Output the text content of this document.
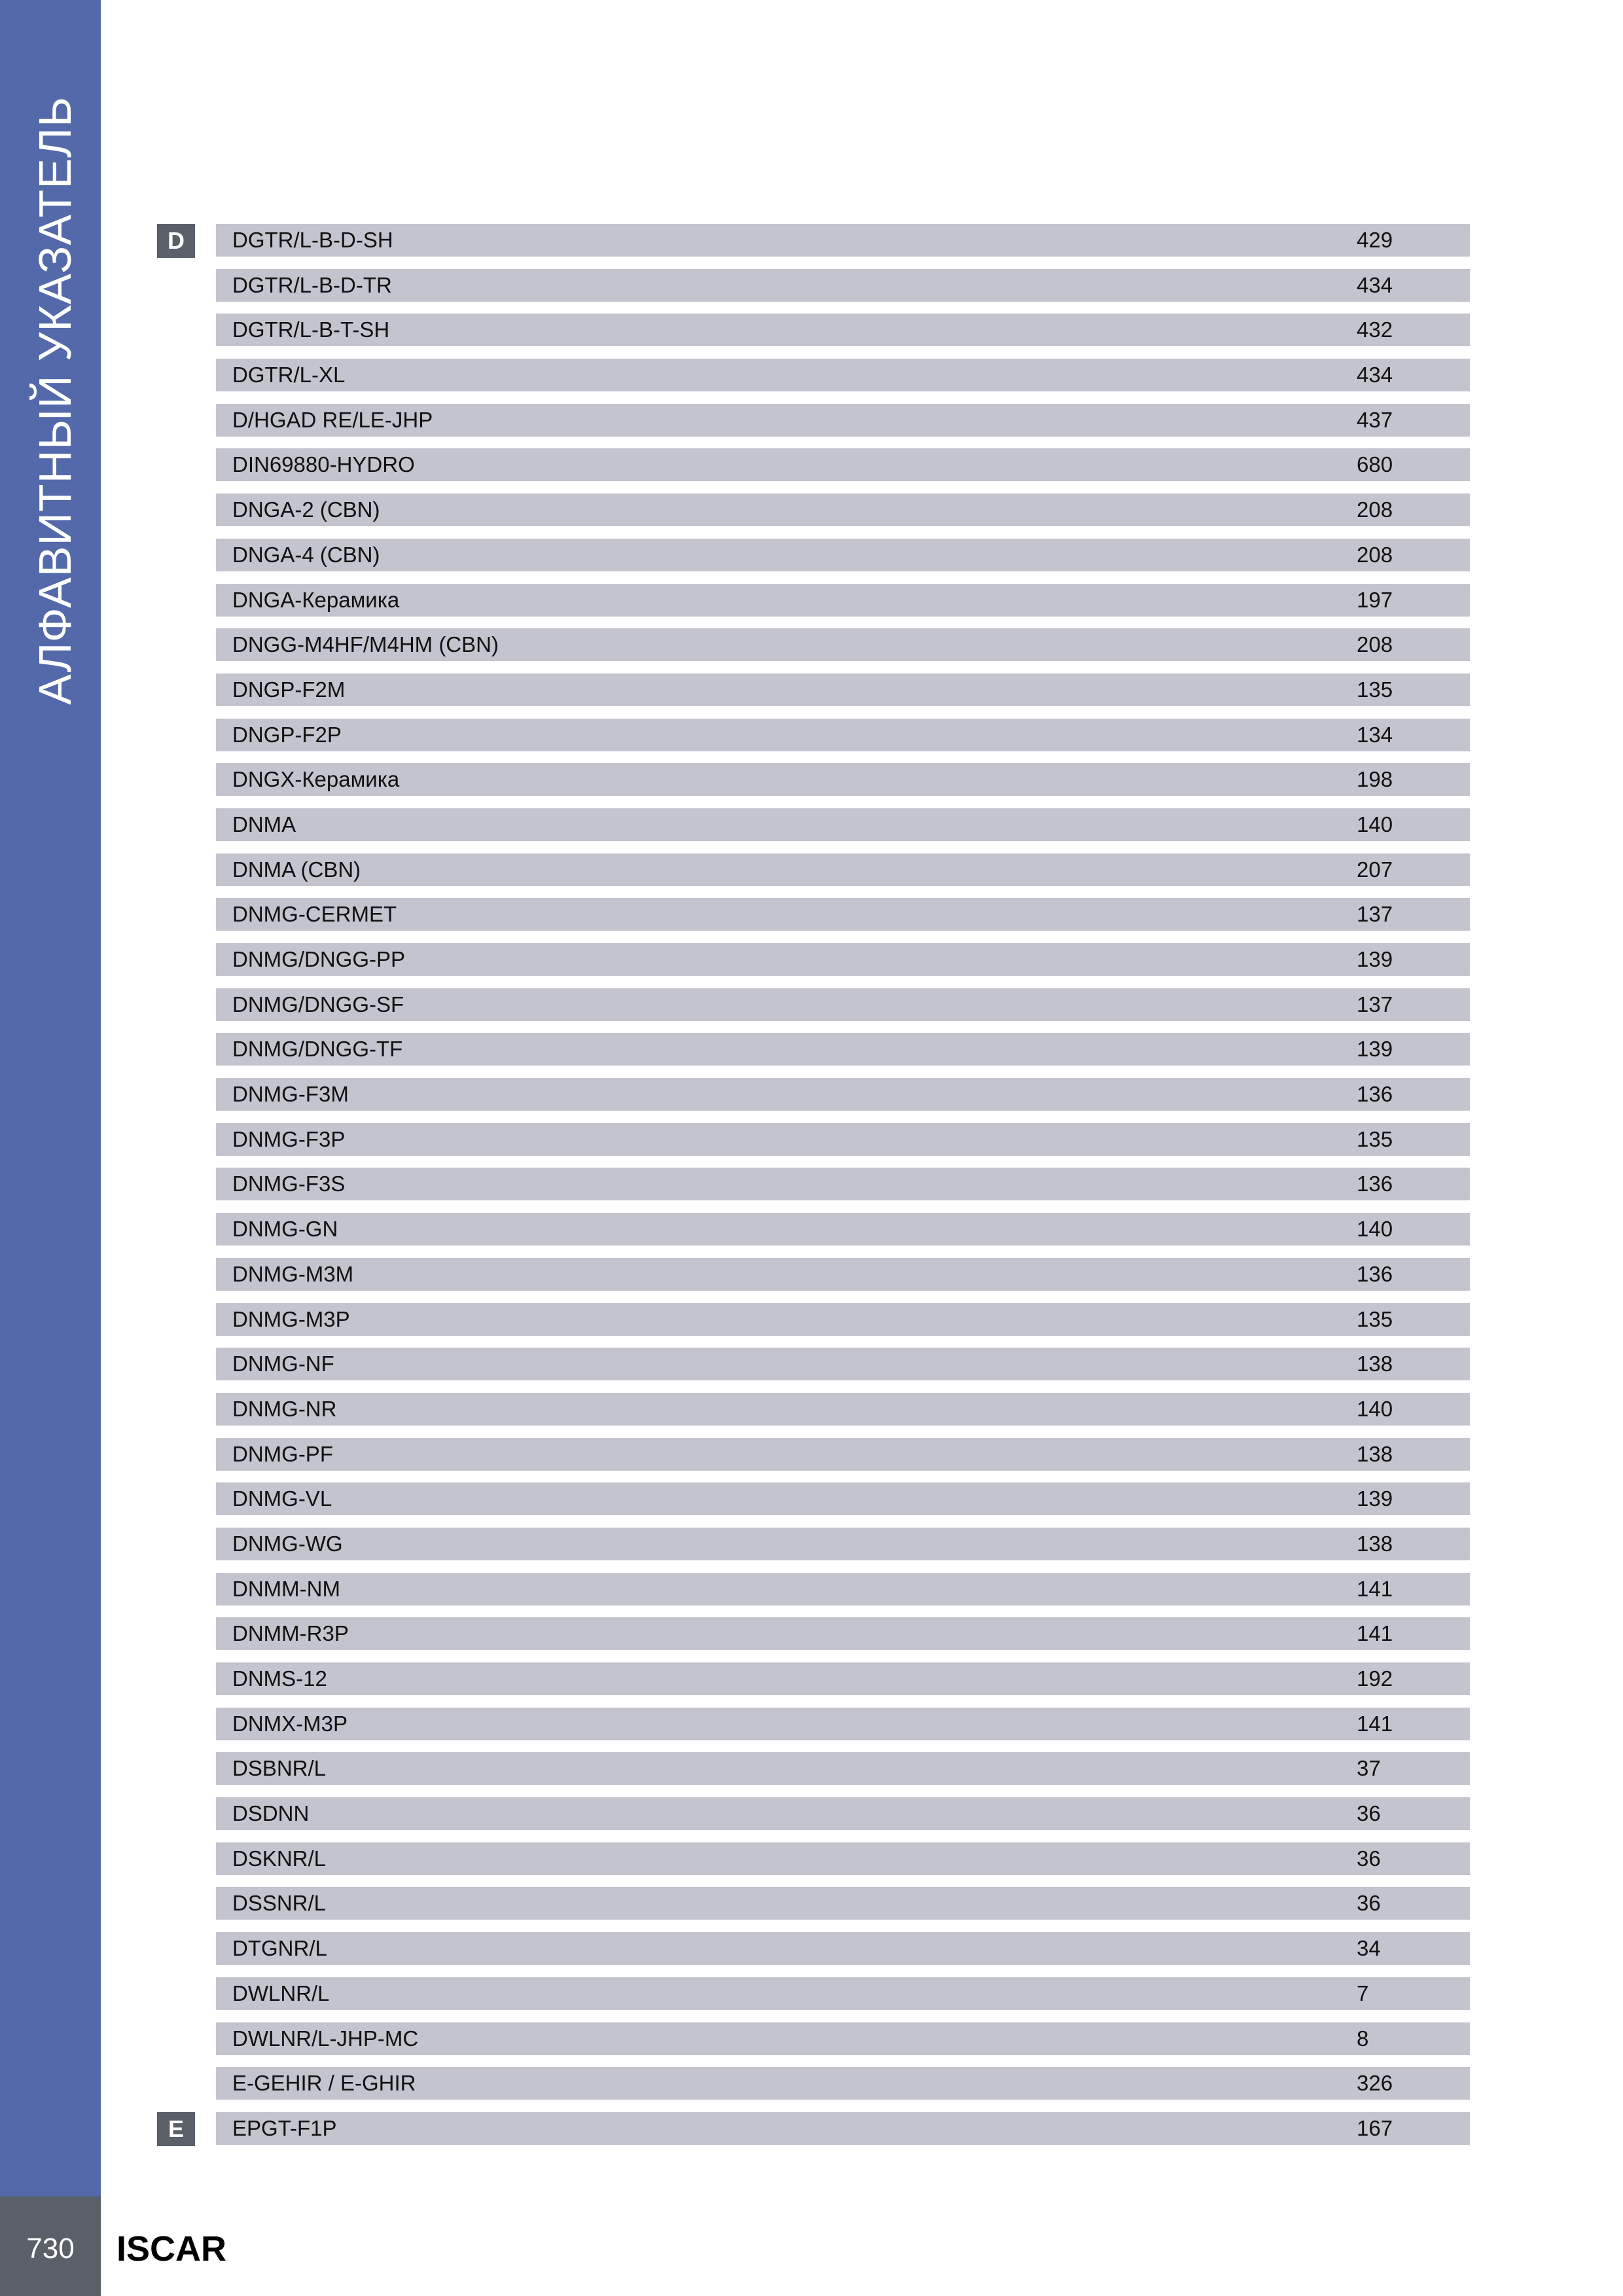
АЛФАВИТНЫЙ УКАЗАТЕЛЬ
730	ISCAR
D
E
DGTR/L-B-D-SH	429
DGTR/L-B-D-TR	434
DGTR/L-B-T-SH	432
DGTR/L-XL	434
D/HGAD RE/LE-JHP	437
DIN69880-HYDRO	680
DNGA-2 (CBN)	208
DNGA-4 (CBN)	208
DNGA-Керамика	197
DNGG-M4HF/M4HM (CBN)	208
DNGP-F2M	135
DNGP-F2P	134
DNGX-Керамика	198
DNMA	140
DNMA (CBN)	207
DNMG-CERMET	137
DNMG/DNGG-PP	139
DNMG/DNGG-SF	137
DNMG/DNGG-TF	139
DNMG-F3M	136
DNMG-F3P	135
DNMG-F3S	136
DNMG-GN	140
DNMG-M3M	136
DNMG-M3P	135
DNMG-NF	138
DNMG-NR	140
DNMG-PF	138
DNMG-VL	139
DNMG-WG	138
DNMM-NM	141
DNMM-R3P	141
DNMS-12	192
DNMX-M3P	141
DSBNR/L	37
DSDNN	36
DSKNR/L	36
DSSNR/L	36
DTGNR/L	34
DWLNR/L	7
DWLNR/L-JHP-MC	8
E-GEHIR / E-GHIR	326
EPGT-F1P	167
